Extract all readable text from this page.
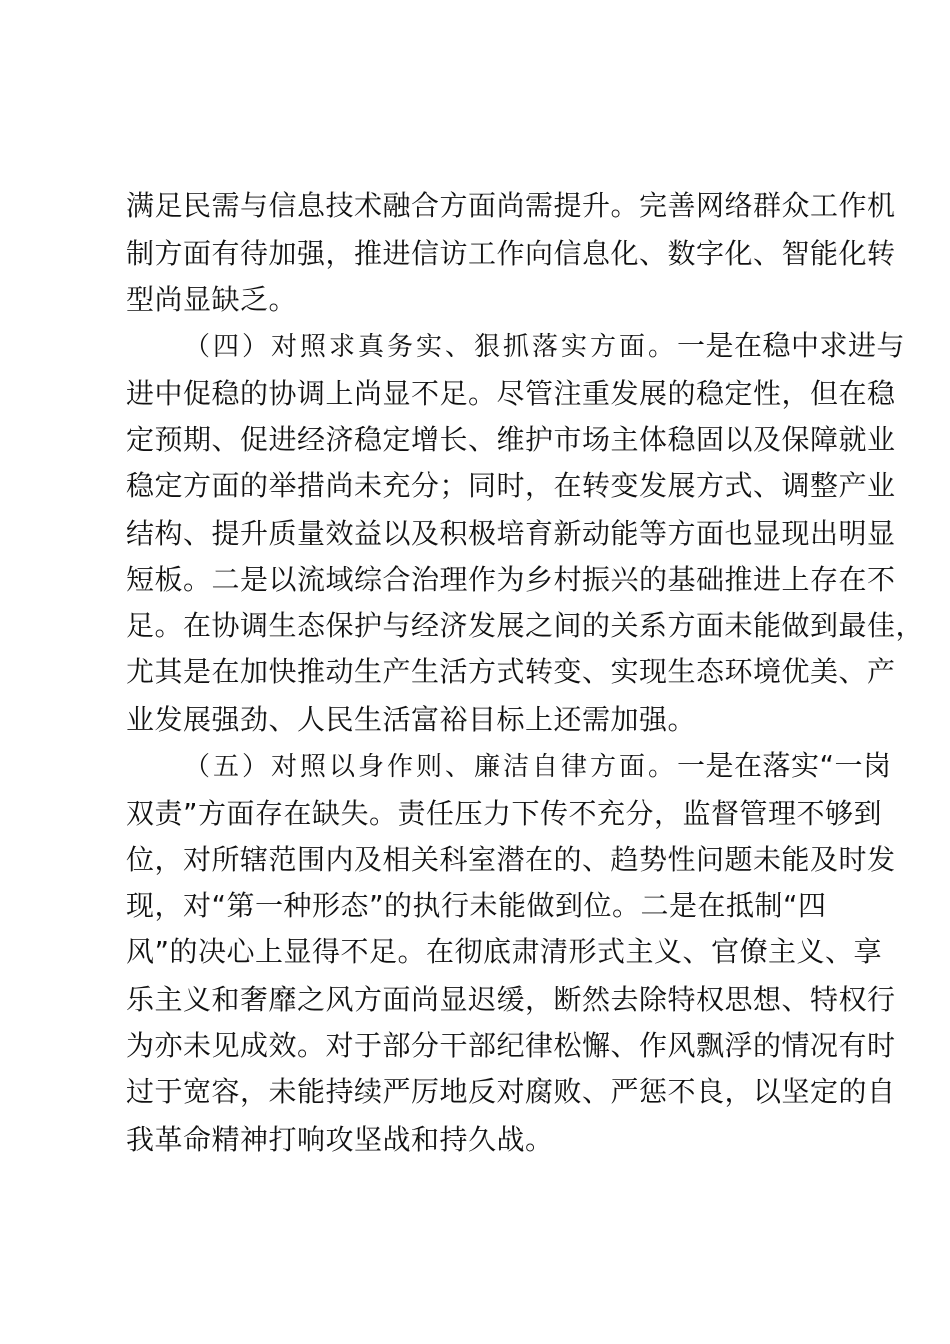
满足民需与信息技术融合方面尚需提升。完善网络群众工作机
制方面有待加强，推进信访工作向信息化、数字化、智能化转
型尚显缺乏。
（四）对照求真务实、狠抓落实方面。一是在稳中求进与
进中促稳的协调上尚显不足。尽管注重发展的稳定性，但在稳
定预期、促进经济稳定增长、维护市场主体稳固以及保障就业
稳定方面的举措尚未充分；同时，在转变发展方式、调整产业
结构、提升质量效益以及积极培育新动能等方面也显现出明显
短板。二是以流域综合治理作为乡村振兴的基础推进上存在不
足。在协调生态保护与经济发展之间的关系方面未能做到最佳，
尤其是在加快推动生产生活方式转变、实现生态环境优美、产
业发展强劲、人民生活富裕目标上还需加强。
（五）对照以身作则、廉洁自律方面。一是在落实“一岗
双责”方面存在缺失。责任压力下传不充分，监督管理不够到
位，对所辖范围内及相关科室潜在的、趋势性问题未能及时发
现，对“第一种形态”的执行未能做到位。二是在抵制“四
风”的决心上显得不足。在彻底肃清形式主义、官僚主义、享
乐主义和奢靡之风方面尚显迟缓，断然去除特权思想、特权行
为亦未见成效。对于部分干部纪律松懈、作风飘浮的情况有时
过于宽容，未能持续严厉地反对腐败、严惩不良，以坚定的自
我革命精神打响攻坚战和持久战。
